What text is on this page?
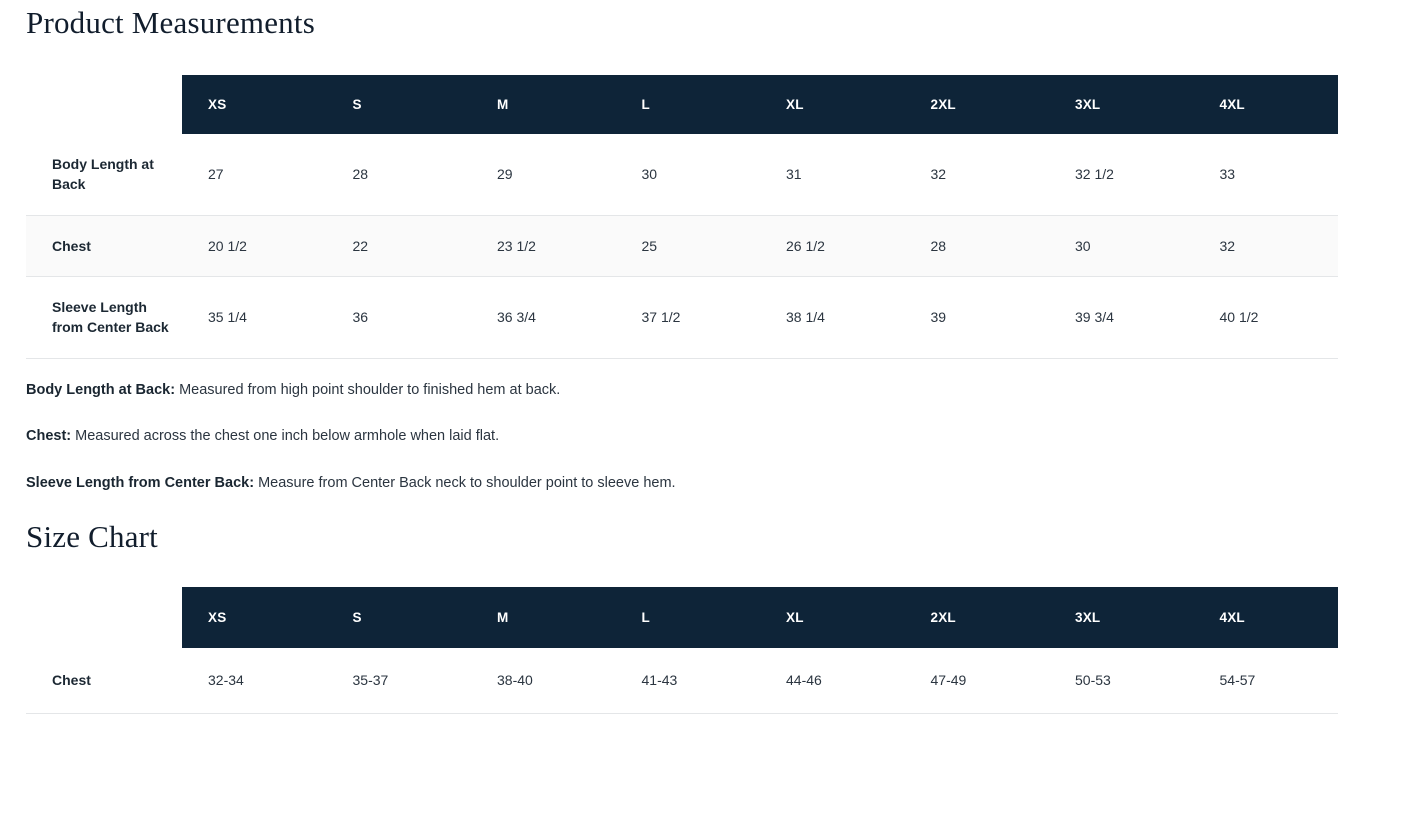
Product Measurements
	XS	S	M	L	XL	2XL	3XL	4XL
Body Length at Back	27	28	29	30	31	32	32 1/2	33
Chest	20 1/2	22	23 1/2	25	26 1/2	28	30	32
Sleeve Length from Center Back	35 1/4	36	36 3/4	37 1/2	38 1/4	39	39 3/4	40 1/2

Body Length at Back: Measured from high point shoulder to finished hem at back.

Chest: Measured across the chest one inch below armhole when laid flat.

Sleeve Length from Center Back: Measure from Center Back neck to shoulder point to sleeve hem.

Size Chart
	XS	S	M	L	XL	2XL	3XL	4XL
Chest	32-34	35-37	38-40	41-43	44-46	47-49	50-53	54-57
